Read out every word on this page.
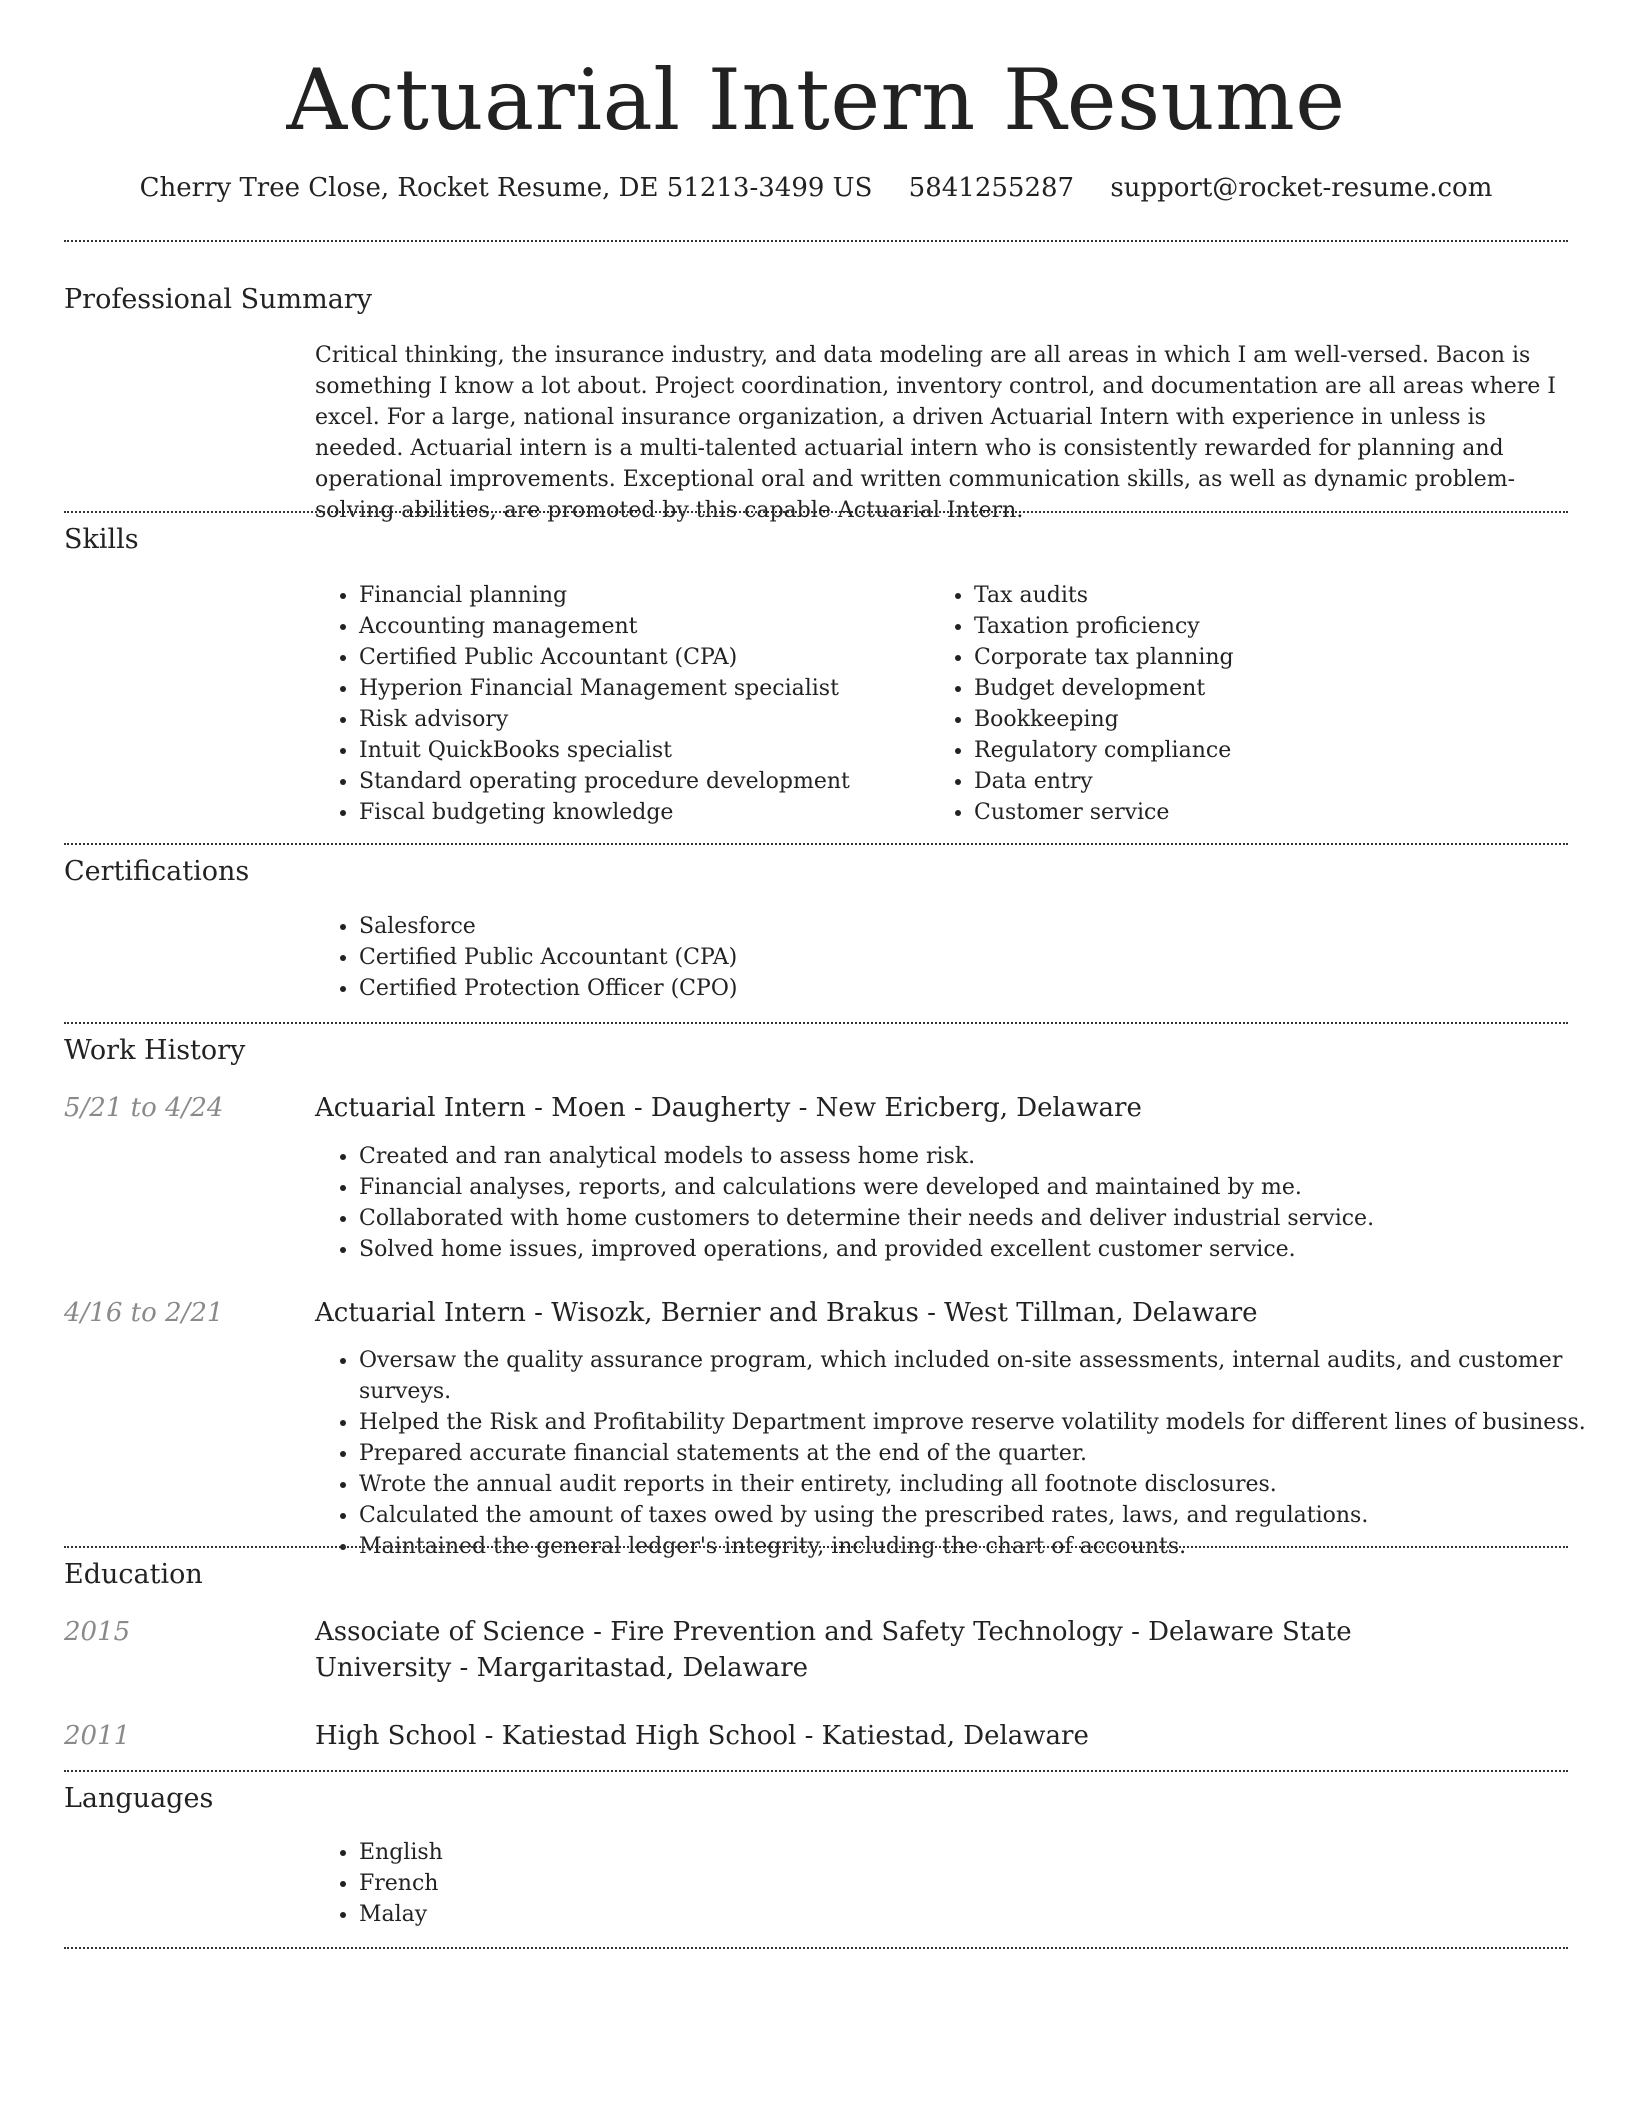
Actuarial Intern Resume
Cherry Tree Close, Rocket Resume, DE 51213-3499 US 5841255287 support@rocket-resume.com
Professional Summary

Critical thinking, the insurance industry, and data modeling are all areas in which I am well-versed. Bacon is something I know a lot about. Project coordination, inventory control, and documentation are all areas where I excel. For a large, national insurance organization, a driven Actuarial Intern with experience in unless is needed. Actuarial intern is a multi-talented actuarial intern who is consistently rewarded for planning and operational improvements. Exceptional oral and written communication skills, as well as dynamic problem-solving abilities, are promoted by this capable Actuarial Intern.

Skills
• Financial planning
• Accounting management
• Certified Public Accountant (CPA)
• Hyperion Financial Management specialist
• Risk advisory
• Intuit QuickBooks specialist
• Standard operating procedure development
• Fiscal budgeting knowledge
• Tax audits
• Taxation proficiency
• Corporate tax planning
• Budget development
• Bookkeeping
• Regulatory compliance
• Data entry
• Customer service
Certifications
• Salesforce
• Certified Public Accountant (CPA)
• Certified Protection Officer (CPO)
Work History
5/21 to 4/24	Actuarial Intern - Moen - Daugherty - New Ericberg, Delaware
• Created and ran analytical models to assess home risk.
• Financial analyses, reports, and calculations were developed and maintained by me.
• Collaborated with home customers to determine their needs and deliver industrial service.
• Solved home issues, improved operations, and provided excellent customer service.
4/16 to 2/21	Actuarial Intern - Wisozk, Bernier and Brakus - West Tillman, Delaware
• Oversaw the quality assurance program, which included on-site assessments, internal audits, and customer surveys.
• Helped the Risk and Profitability Department improve reserve volatility models for different lines of business.
• Prepared accurate financial statements at the end of the quarter.
• Wrote the annual audit reports in their entirety, including all footnote disclosures.
• Calculated the amount of taxes owed by using the prescribed rates, laws, and regulations.
• Maintained the general ledger's integrity, including the chart of accounts.
Education
2015	Associate of Science - Fire Prevention and Safety Technology - Delaware State University - Margaritastad, Delaware
2011	High School - Katiestad High School - Katiestad, Delaware
Languages
• English
• French
• Malay
